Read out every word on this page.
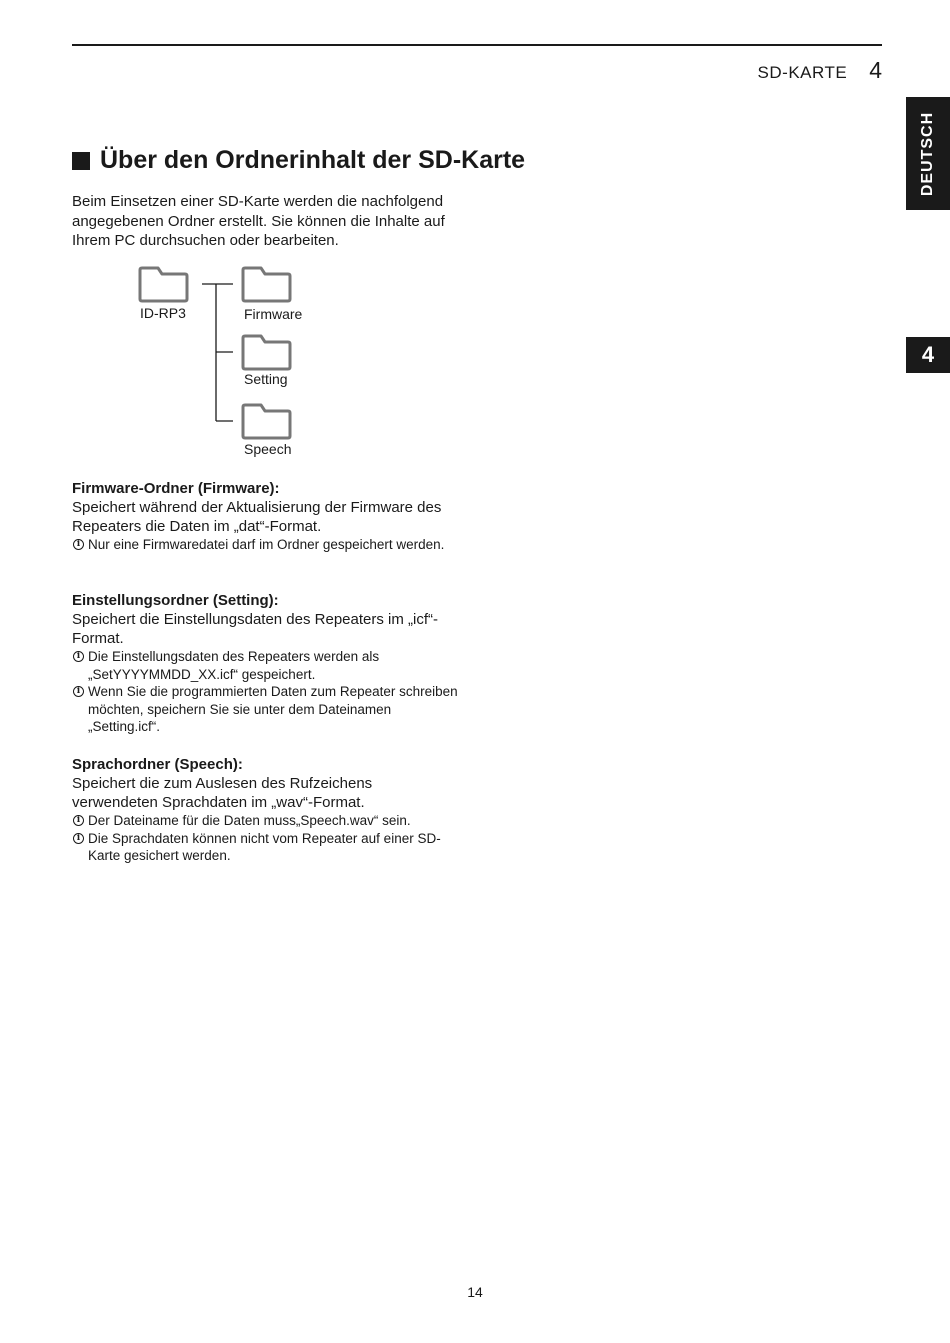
SD-KARTE 4
DEUTSCH
4
Über den Ordnerinhalt der SD-Karte

Beim Einsetzen einer SD-Karte werden die nachfolgend angegebenen Ordner erstellt. Sie können die Inhalte auf Ihrem PC durchsuchen oder bearbeiten.

ID-RP3	Firmware
Setting
Speech
Firmware-Ordner (Firmware):

Speichert während der Aktualisierung der Firmware des Repeaters die Daten im „dat“-Format.

i Nur eine Firmwaredatei darf im Ordner gespeichert werden.
Einstellungsordner (Setting):

Speichert die Einstellungsdaten des Repeaters im „icf“-Format.

i Die Einstellungsdaten des Repeaters werden als „SetYYYYMMDD_XX.icf“ gespeichert.
i Wenn Sie die programmierten Daten zum Repeater schreiben möchten, speichern Sie sie unter dem Dateinamen „Setting.icf“.
Sprachordner (Speech):

Speichert die zum Auslesen des Rufzeichens verwendeten Sprachdaten im „wav“-Format.

i Der Dateiname für die Daten muss„Speech.wav“ sein.
i Die Sprachdaten können nicht vom Repeater auf einer SD-Karte gesichert werden.
14
